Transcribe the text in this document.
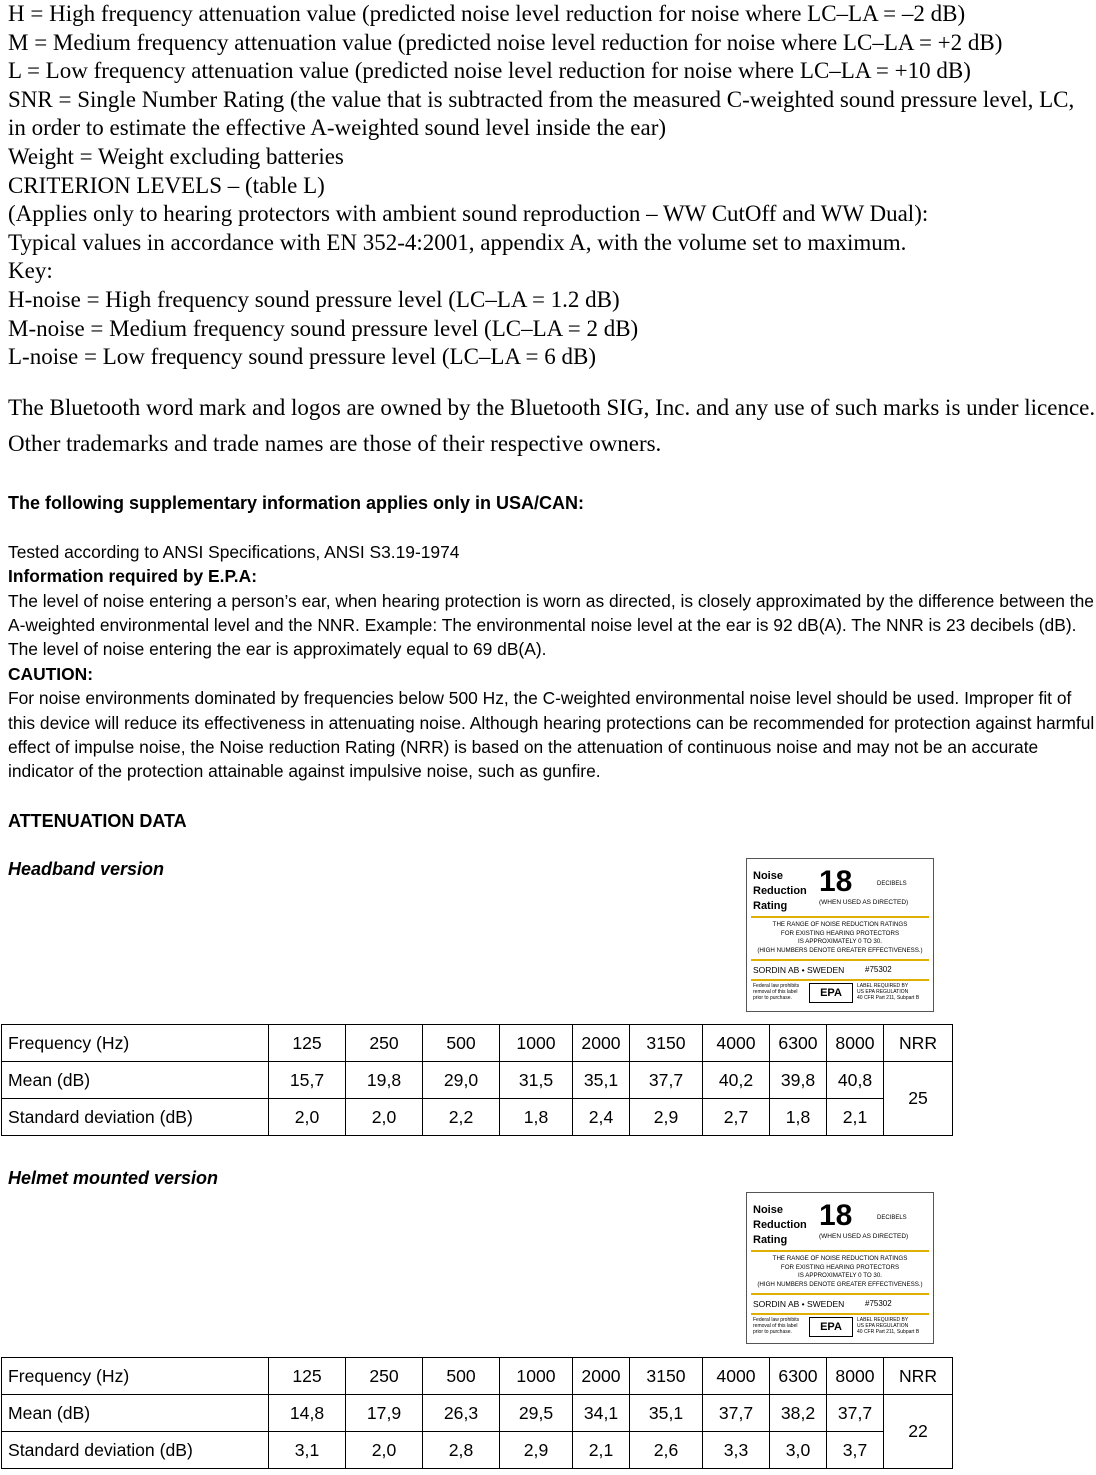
H = High frequency attenuation value (predicted noise level reduction for noise where LC–LA = –2 dB)
M = Medium frequency attenuation value (predicted noise level reduction for noise where LC–LA = +2 dB)
L = Low frequency attenuation value (predicted noise level reduction for noise where LC–LA = +10 dB)
SNR = Single Number Rating (the value that is subtracted from the measured C-weighted sound pressure level, LC, in order to estimate the effective A-weighted sound level inside the ear)
Weight = Weight excluding batteries
CRITERION LEVELS – (table L)
(Applies only to hearing protectors with ambient sound reproduction – WW CutOff and WW Dual):
Typical values in accordance with EN 352-4:2001, appendix A, with the volume set to maximum.
Key:
H-noise = High frequency sound pressure level (LC–LA = 1.2 dB)
M-noise = Medium frequency sound pressure level (LC–LA = 2 dB)
L-noise = Low frequency sound pressure level (LC–LA = 6 dB)
The Bluetooth word mark and logos are owned by the Bluetooth SIG, Inc. and any use of such marks is under licence. Other trademarks and trade names are those of their respective owners.
The following supplementary information applies only in USA/CAN:
Tested according to ANSI Specifications, ANSI S3.19-1974
Information required by E.P.A:
The level of noise entering a person’s ear, when hearing protection is worn as directed, is closely approximated by the difference between the A-weighted environmental level and the NNR. Example: The environmental noise level at the ear is 92 dB(A). The NNR is 23 decibels (dB). The level of noise entering the ear is approximately equal to 69 dB(A).
CAUTION:
For noise environments dominated by frequencies below 500 Hz, the C-weighted environmental noise level should be used. Improper fit of this device will reduce its effectiveness in attenuating noise. Although hearing protections can be recommended for protection against harmful effect of impulse noise, the Noise reduction Rating (NRR) is based on the attenuation of continuous noise and may not be an accurate indicator of the protection attainable against impulsive noise, such as gunfire.
ATTENUATION DATA
Headband version	Noise
Reduction
Rating
18	DECIBELS
(WHEN USED AS DIRECTED)
THE RANGE OF NOISE REDUCTION RATINGS
FOR EXISTING HEARING PROTECTORS
IS APPROXIMATELY 0 TO 30.
(HIGH NUMBERS DENOTE GREATER EFFECTIVENESS.)
SORDIN AB • SWEDEN	#75302
Federal law prohibits
removal of this label
prior to purchase.	EPA
LABEL REQUIRED BY
US EPA REGULATION
40 CFR Part 211, Subpart B
Frequency (Hz)	125	250	500	1000	2000	3150	4000	6300	8000	NRR
Mean (dB)	15,7	19,8	29,0	31,5	35,1	37,7	40,2	39,8	40,8	25
Standard deviation (dB)	2,0	2,0	2,2	1,8	2,4	2,9	2,7	1,8	2,1	
Helmet mounted version
Noise
Reduction
Rating
18	DECIBELS
(WHEN USED AS DIRECTED)
THE RANGE OF NOISE REDUCTION RATINGS
FOR EXISTING HEARING PROTECTORS
IS APPROXIMATELY 0 TO 30.
(HIGH NUMBERS DENOTE GREATER EFFECTIVENESS.)
SORDIN AB • SWEDEN	#75302
Federal law prohibits
removal of this label
prior to purchase.	EPA
LABEL REQUIRED BY
US EPA REGULATION
40 CFR Part 211, Subpart B
Frequency (Hz)	125	250	500	1000	2000	3150	4000	6300	8000	NRR
Mean (dB)	14,8	17,9	26,3	29,5	34,1	35,1	37,7	38,2	37,7	22
Standard deviation (dB)	3,1	2,0	2,8	2,9	2,1	2,6	3,3	3,0	3,7	
